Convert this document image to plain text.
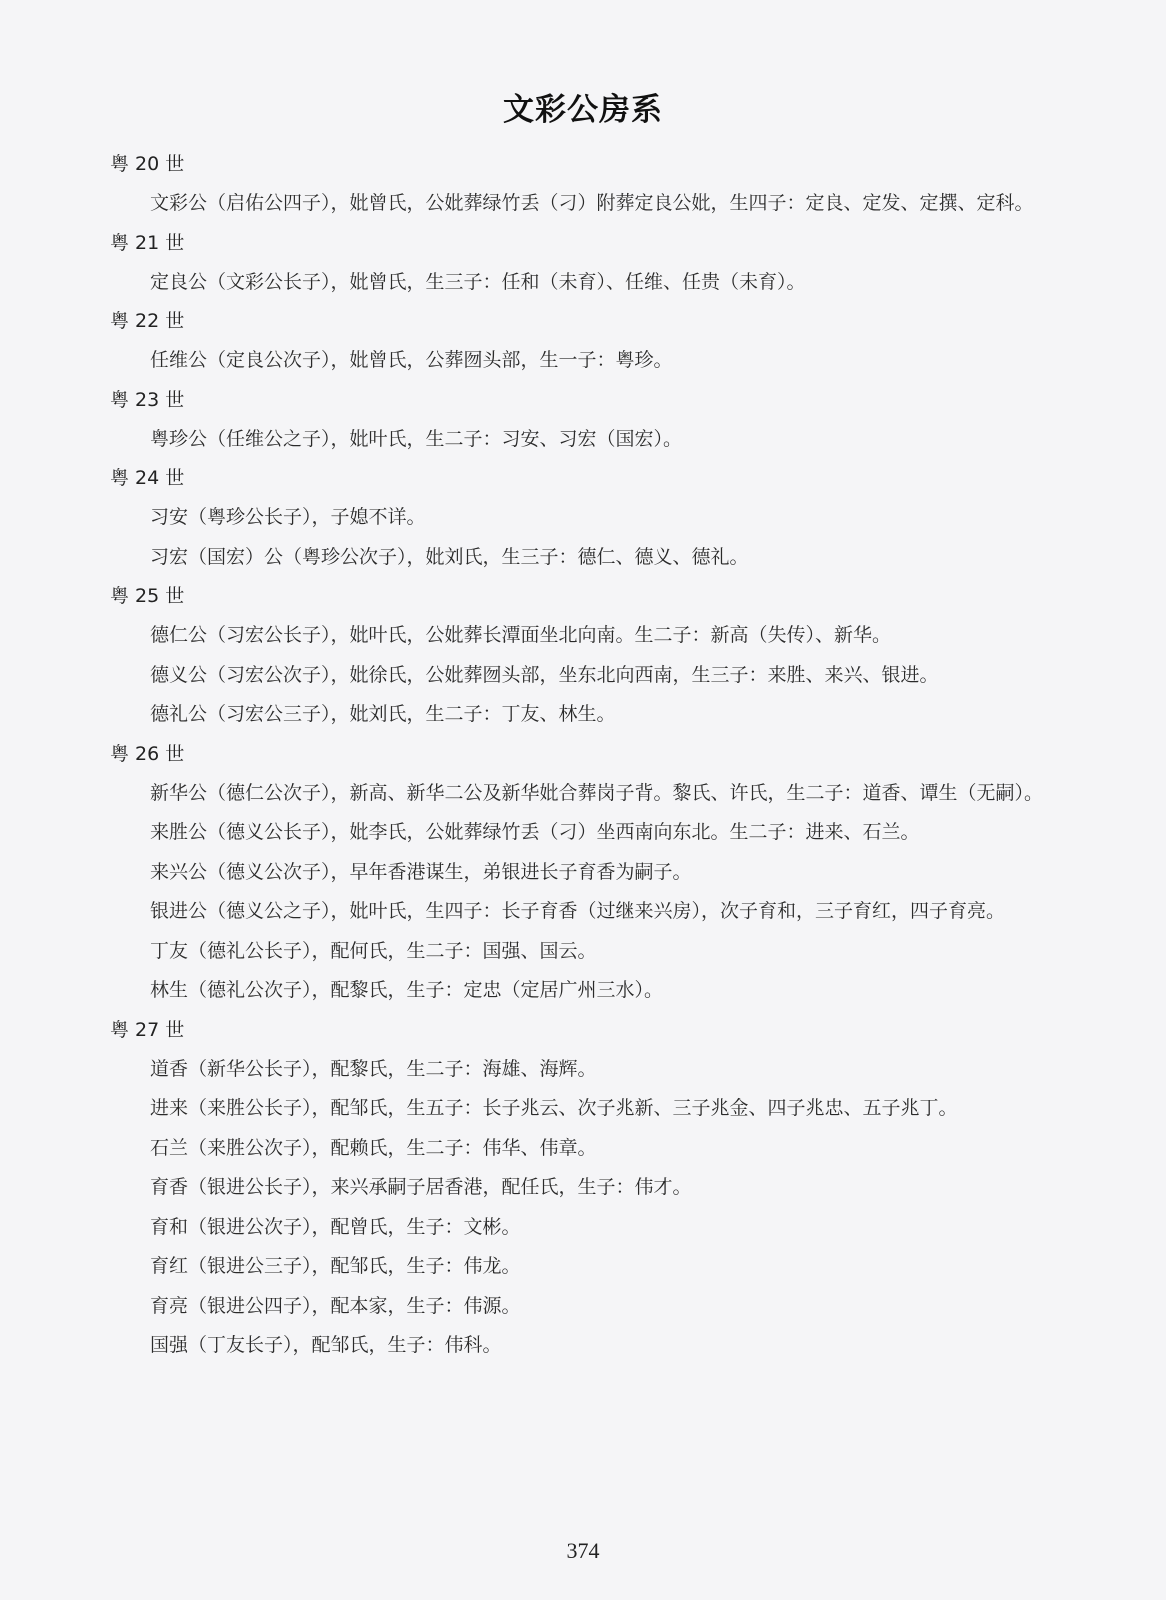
文彩公房系
粤 20 世

文彩公（启佑公四子），妣曾氏，公妣葬绿竹丢（刁）附葬定良公妣，生四子：定良、定发、定撰、定科。

粤 21 世

定良公（文彩公长子），妣曾氏，生三子：任和（未育）、任维、任贵（未育）。

粤 22 世

任维公（定良公次子），妣曾氏，公葬囫头部，生一子：粤珍。

粤 23 世

粤珍公（任维公之子），妣叶氏，生二子：习安、习宏（国宏）。

粤 24 世

习安（粤珍公长子），子媳不详。

习宏（国宏）公（粤珍公次子），妣刘氏，生三子：德仁、德义、德礼。

粤 25 世

德仁公（习宏公长子），妣叶氏，公妣葬长潭面坐北向南。生二子：新高（失传）、新华。

德义公（习宏公次子），妣徐氏，公妣葬囫头部，坐东北向西南，生三子：来胜、来兴、银进。

德礼公（习宏公三子），妣刘氏，生二子：丁友、林生。

粤 26 世

新华公（德仁公次子），新高、新华二公及新华妣合葬岗子背。黎氏、许氏，生二子：道香、谭生（无嗣）。

来胜公（德义公长子），妣李氏，公妣葬绿竹丢（刁）坐西南向东北。生二子：进来、石兰。

来兴公（德义公次子），早年香港谋生，弟银进长子育香为嗣子。

银进公（德义公之子），妣叶氏，生四子：长子育香（过继来兴房），次子育和，三子育红，四子育亮。

丁友（德礼公长子），配何氏，生二子：国强、国云。

林生（德礼公次子），配黎氏，生子：定忠（定居广州三水）。

粤 27 世

道香（新华公长子），配黎氏，生二子：海雄、海辉。

进来（来胜公长子），配邹氏，生五子：长子兆云、次子兆新、三子兆金、四子兆忠、五子兆丁。

石兰（来胜公次子），配赖氏，生二子：伟华、伟章。

育香（银进公长子），来兴承嗣子居香港，配任氏，生子：伟才。

育和（银进公次子），配曾氏，生子：文彬。

育红（银进公三子），配邹氏，生子：伟龙。

育亮（银进公四子），配本家，生子：伟源。

国强（丁友长子），配邹氏，生子：伟科。

374
